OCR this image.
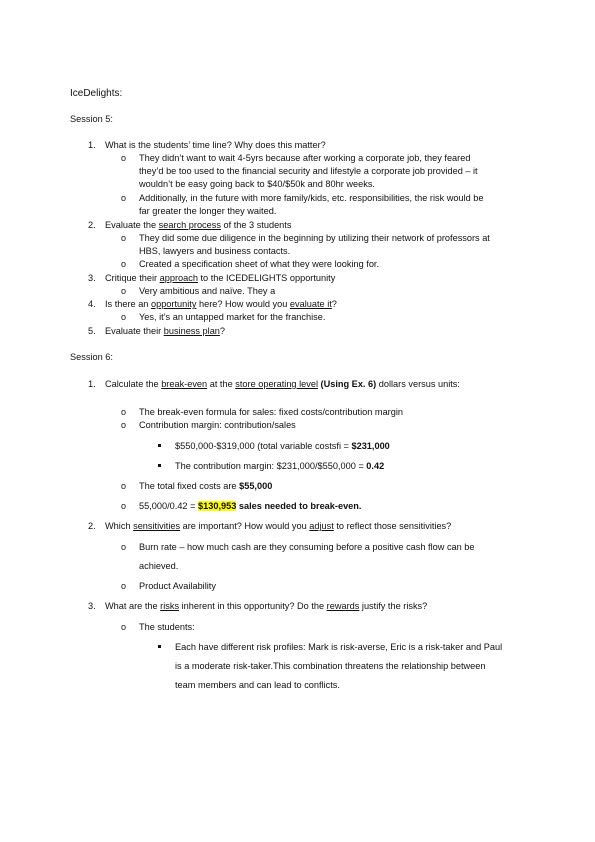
IceDelights:
Session 5:
1. What is the students’ time line? Why does this matter?
o They didn’t want to wait 4-5yrs because after working a corporate job, they feared
they’d be too used to the financial security and lifestyle a corporate job provided – it
wouldn’t be easy going back to $40/$50k and 80hr weeks.
o Additionally, in the future with more family/kids, etc. responsibilities, the risk would be
far greater the longer they waited.
2. Evaluate the search process of the 3 students
o They did some due diligence in the beginning by utilizing their network of professors at
HBS, lawyers and business contacts.
o Created a specification sheet of what they were looking for.
3. Critique their approach to the ICEDELIGHTS opportunity
o Very ambitious and naïve. They a
4. Is there an opportunity here? How would you evaluate it?
o Yes, it’s an untapped market for the franchise.
5. Evaluate their business plan?
Session 6:
1. Calculate the break-even at the store operating level (Using Ex. 6) dollars versus units:
o The break-even formula for sales: fixed costs/contribution margin
o Contribution margin: contribution/sales
$550,000-$319,000 (total variable costsfi = $231,000
The contribution margin: $231,000/$550,000 = 0.42
o The total fixed costs are $55,000
o 55,000/0.42 = $130,953 sales needed to break-even.
2. Which sensitivities are important? How would you adjust to reflect those sensitivities?
o Burn rate – how much cash are they consuming before a positive cash flow can be
achieved.
o Product Availability
3. What are the risks inherent in this opportunity? Do the rewards justify the risks?
o The students:
Each have different risk profiles: Mark is risk-averse, Eric is a risk-taker and Paul
is a moderate risk-taker.This combination threatens the relationship between
team members and can lead to conflicts.
